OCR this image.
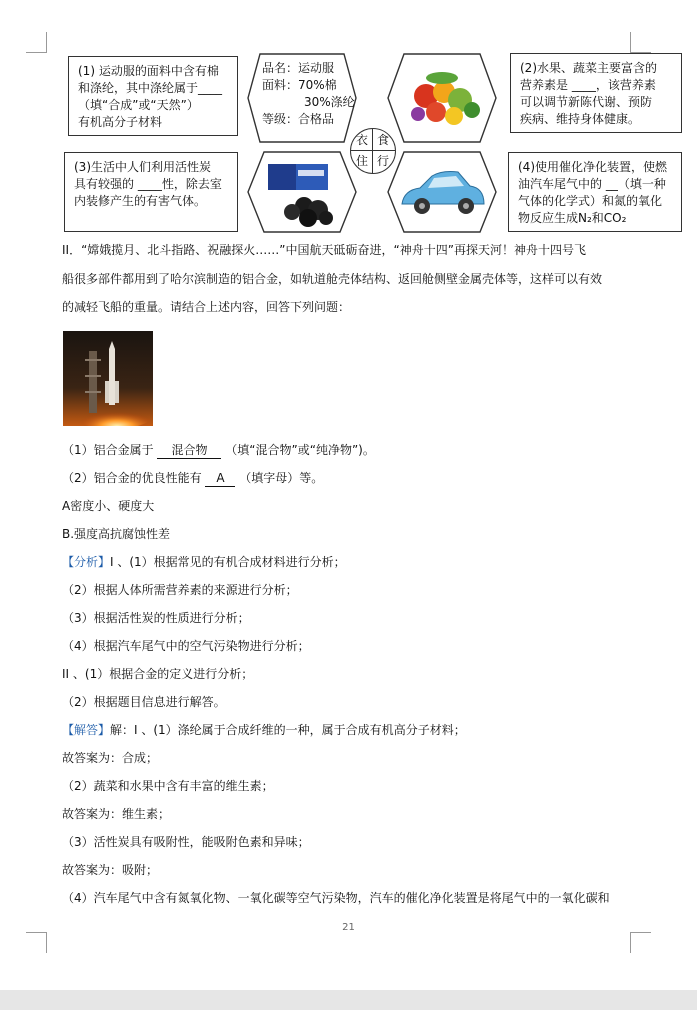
(1) 运动服的面料中含有棉
和涤纶，其中涤纶属于____
（填“合成”或“天然”）
有机高分子材料
品名：运动服
面料：70%棉
30%涤纶
等级：合格品
(2)水果、蔬菜主要富含的
营养素是 ____，该营养素
可以调节新陈代谢、预防
疾病、维持身体健康。
衣 食
住 行
(3)生活中人们利用活性炭
具有较强的 ____性，除去室
内装修产生的有害气体。
(4)使用催化净化装置，使燃
油汽车尾气中的 __（填一种
气体的化学式）和氮的氧化
物反应生成N₂和CO₂
II．“嫦娥揽月、北斗指路、祝融探火……”中国航天砥砺奋进，“神舟十四”再探天河！神舟十四号飞
船很多部件都用到了哈尔滨制造的铝合金，如轨道舱壳体结构、返回舱侧壁金属壳体等，这样可以有效
的减轻飞船的重量。请结合上述内容，回答下列问题：
（1）铝合金属于 混合物 （填“混合物”或“纯净物”)。
（2）铝合金的优良性能有 A （填字母）等。
A密度小、硬度大
B.强度高抗腐蚀性差
【分析】I 、(1）根据常见的有机合成材料进行分析；
（2）根据人体所需营养素的来源进行分析；
（3）根据活性炭的性质进行分析；
（4）根据汽车尾气中的空气污染物进行分析；
II 、(1）根据合金的定义进行分析；
（2）根据题目信息进行解答。
【解答】解：I 、(1）涤纶属于合成纤维的一种，属于合成有机高分子材料；
故答案为：合成；
（2）蔬菜和水果中含有丰富的维生素；
故答案为：维生素；
（3）活性炭具有吸附性，能吸附色素和异味；
故答案为：吸附；
（4）汽车尾气中含有氮氧化物、一氧化碳等空气污染物，汽车的催化净化装置是将尾气中的一氧化碳和
21
